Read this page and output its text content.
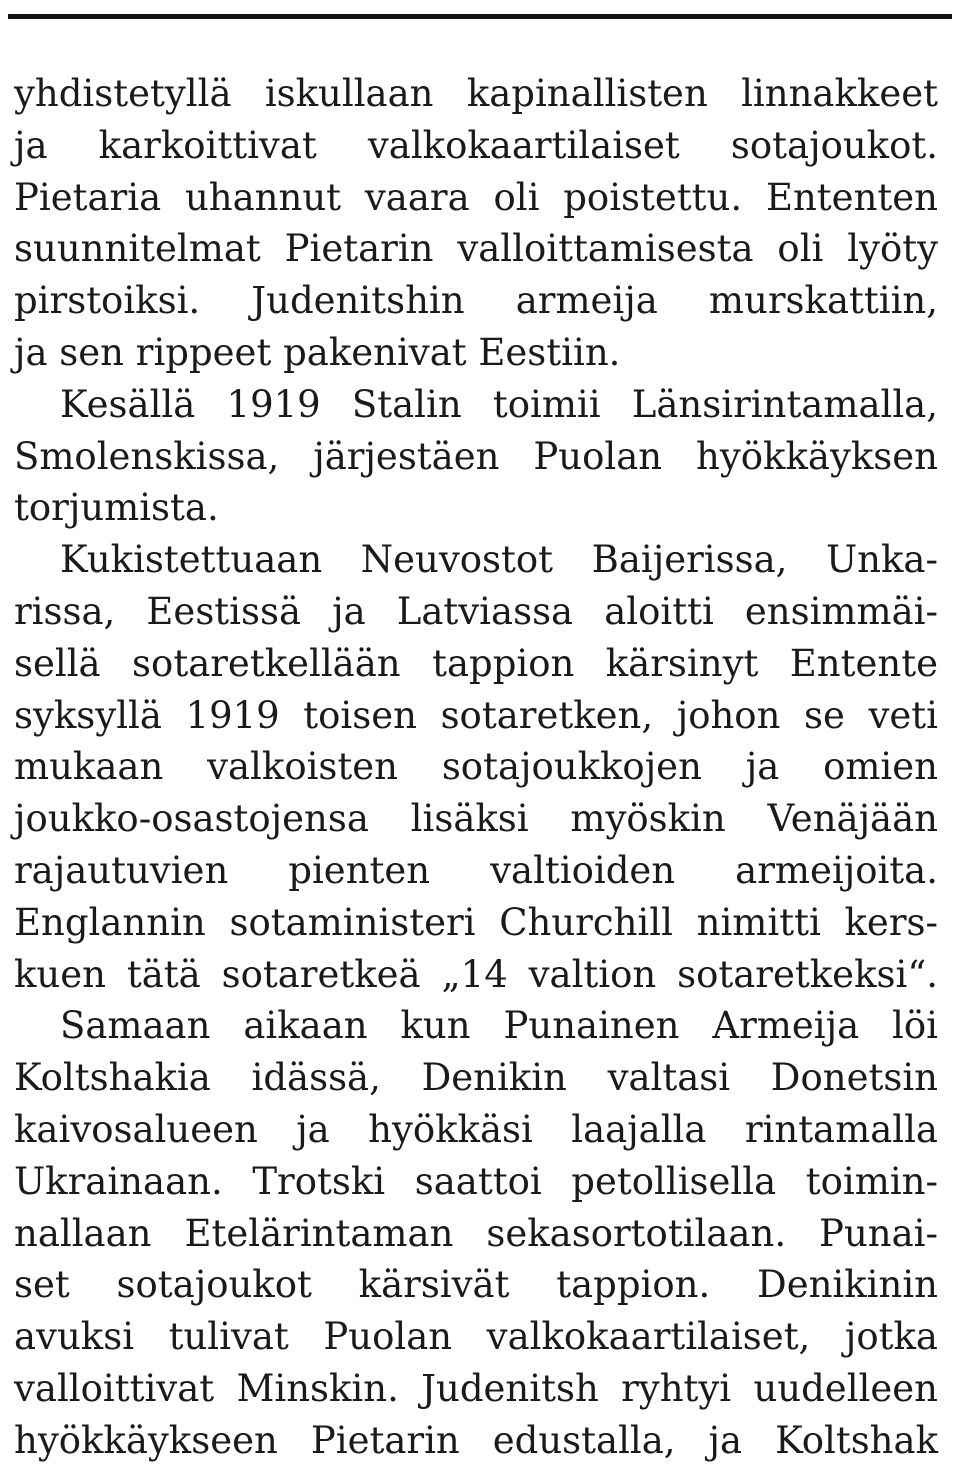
yhdistetyllä iskullaan kapinallisten linnakkeet
ja karkoittivat valkokaartilaiset sotajoukot.
Pietaria uhannut vaara oli poistettu. Ententen
suunnitelmat Pietarin valloittamisesta oli lyöty
pirstoiksi. Judenitshin armeija murskattiin,
ja sen rippeet pakenivat Eestiin.
Kesällä 1919 Stalin toimii Länsirintamalla,
Smolenskissa, järjestäen Puolan hyökkäyksen
torjumista.
Kukistettuaan Neuvostot Baijerissa, Unka-
rissa, Eestissä ja Latviassa aloitti ensimmäi-
sellä sotaretkellään tappion kärsinyt Entente
syksyllä 1919 toisen sotaretken, johon se veti
mukaan valkoisten sotajoukkojen ja omien
joukko-osastojensa lisäksi myöskin Venäjään
rajautuvien pienten valtioiden armeijoita.
Englannin sotaministeri Churchill nimitti kers-
kuen tätä sotaretkeä „14 valtion sotaretkeksi“.
Samaan aikaan kun Punainen Armeija löi
Koltshakia idässä, Denikin valtasi Donetsin
kaivosalueen ja hyökkäsi laajalla rintamalla
Ukrainaan. Trotski saattoi petollisella toimin-
nallaan Etelärintaman sekasortotilaan. Punai-
set sotajoukot kärsivät tappion. Denikinin
avuksi tulivat Puolan valkokaartilaiset, jotka
valloittivat Minskin. Judenitsh ryhtyi uudelleen
hyökkäykseen Pietarin edustalla, ja Koltshak
